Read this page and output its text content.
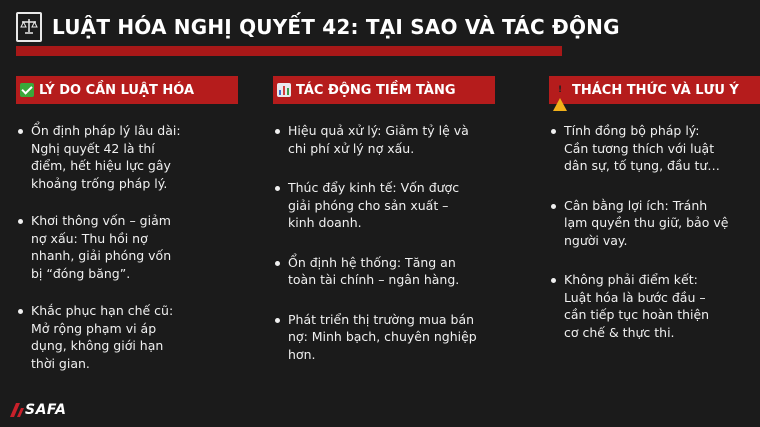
LUẬT HÓA NGHỊ QUYẾT 42: TẠI SAO VÀ TÁC ĐỘNG
LÝ DO CẦN LUẬT HÓA
Ổn định pháp lý lâu dài:
Nghị quyết 42 là thí
điểm, hết hiệu lực gây
khoảng trống pháp lý.
Khơi thông vốn – giảm
nợ xấu: Thu hồi nợ
nhanh, giải phóng vốn
bị “đóng băng”.
Khắc phục hạn chế cũ:
Mở rộng phạm vi áp
dụng, không giới hạn
thời gian.
TÁC ĐỘNG TIỀM TÀNG
Hiệu quả xử lý: Giảm tỷ lệ và
chi phí xử lý nợ xấu.
Thúc đẩy kinh tế: Vốn được
giải phóng cho sản xuất –
kinh doanh.
Ổn định hệ thống: Tăng an
toàn tài chính – ngân hàng.
Phát triển thị trường mua bán
nợ: Minh bạch, chuyên nghiệp
hơn.
! THÁCH THỨC VÀ LƯU Ý
Tính đồng bộ pháp lý:
Cần tương thích với luật
dân sự, tố tụng, đầu tư…
Cân bằng lợi ích: Tránh
lạm quyền thu giữ, bảo vệ
người vay.
Không phải điểm kết:
Luật hóa là bước đầu –
cần tiếp tục hoàn thiện
cơ chế & thực thi.
SAFA
